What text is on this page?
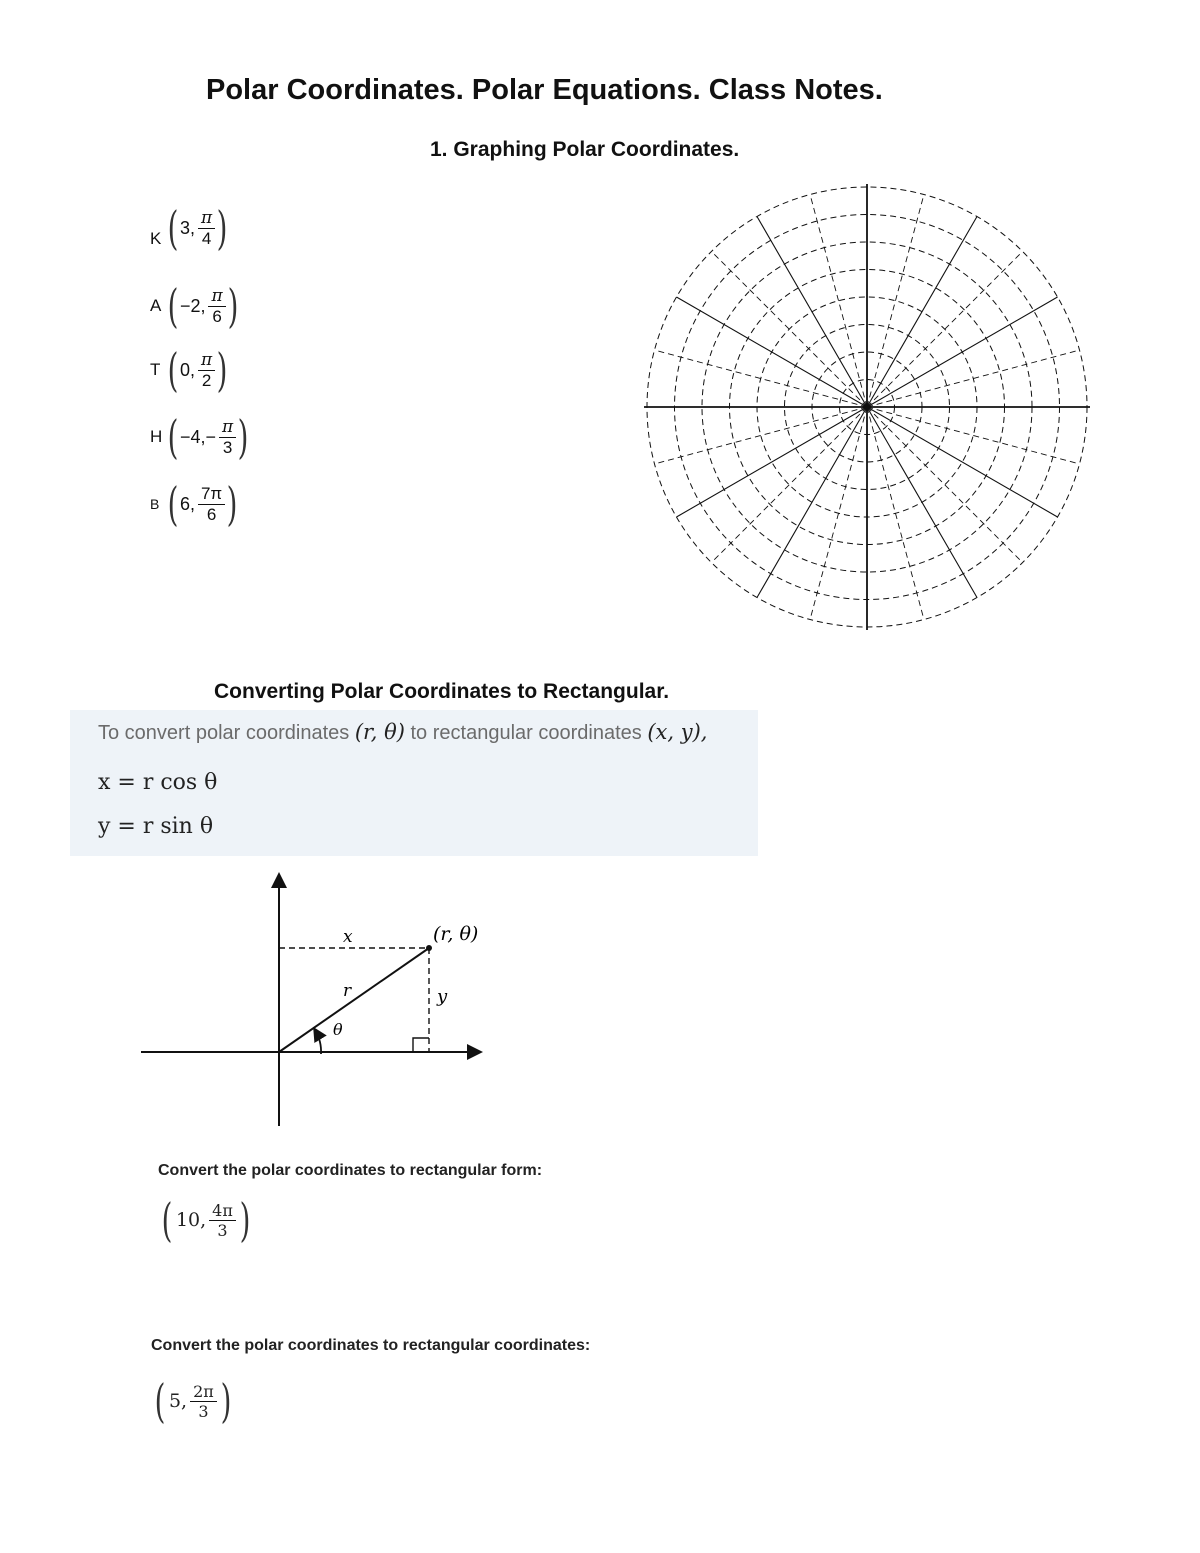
Polar Coordinates. Polar Equations. Class Notes.
1. Graphing Polar Coordinates.
K ( 3, $\frac{\pi}{4}$ )
A ( −2, $\frac{\pi}{6}$ )
T ( 0, $\frac{\pi}{2}$ )
H ( $-4,- \frac{\pi}{3}$ )
B ( 6, $\frac{7\pi}{6}$ )
Converting Polar Coordinates to Rectangular.
To convert polar coordinates (r, θ) to rectangular coordinates (x, y),
x = r cos θ
y = r sin θ
x	(r, θ)
r	y
θ
Convert the polar coordinates to rectangular form:
( 10, $\frac{4\pi}{3}$ )
Convert the polar coordinates to rectangular coordinates:
( 5, $\frac{2\pi}{3}$ )
